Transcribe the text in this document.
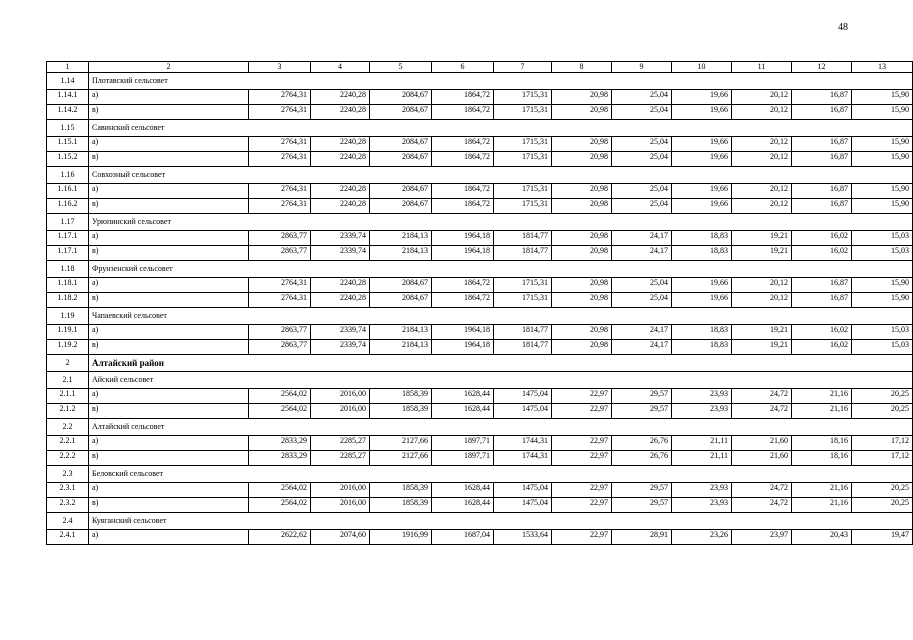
48
1	2	3	4	5	6	7	8	9	10	11	12	13
1.14	Плотавский сельсовет											
1.14.1	а)	2764,31	2240,28	2084,67	1864,72	1715,31	20,98	25,04	19,66	20,12	16,87	15,90
1.14.2	в)	2764,31	2240,28	2084,67	1864,72	1715,31	20,98	25,04	19,66	20,12	16,87	15,90
1.15	Савинский сельсовет											
1.15.1	а)	2764,31	2240,28	2084,67	1864,72	1715,31	20,98	25,04	19,66	20,12	16,87	15,90
1.15.2	в)	2764,31	2240,28	2084,67	1864,72	1715,31	20,98	25,04	19,66	20,12	16,87	15,90
1.16	Совхозный сельсовет											
1.16.1	а)	2764,31	2240,28	2084,67	1864,72	1715,31	20,98	25,04	19,66	20,12	16,87	15,90
1.16.2	в)	2764,31	2240,28	2084,67	1864,72	1715,31	20,98	25,04	19,66	20,12	16,87	15,90
1.17	Урюпинский сельсовет											
1.17.1	а)	2863,77	2339,74	2184,13	1964,18	1814,77	20,98	24,17	18,83	19,21	16,02	15,03
1.17.1	в)	2863,77	2339,74	2184,13	1964,18	1814,77	20,98	24,17	18,83	19,21	16,02	15,03
1.18	Фрунзенский сельсовет											
1.18.1	а)	2764,31	2240,28	2084,67	1864,72	1715,31	20,98	25,04	19,66	20,12	16,87	15,90
1.18.2	в)	2764,31	2240,28	2084,67	1864,72	1715,31	20,98	25,04	19,66	20,12	16,87	15,90
1.19	Чапаевский сельсовет											
1.19.1	а)	2863,77	2339,74	2184,13	1964,18	1814,77	20,98	24,17	18,83	19,21	16,02	15,03
1.19.2	в)	2863,77	2339,74	2184,13	1964,18	1814,77	20,98	24,17	18,83	19,21	16,02	15,03
2	Алтайский район											
2.1	Айский сельсовет											
2.1.1	а)	2564,02	2016,00	1858,39	1628,44	1475,04	22,97	29,57	23,93	24,72	21,16	20,25
2.1.2	в)	2564,02	2016,00	1858,39	1628,44	1475,04	22,97	29,57	23,93	24,72	21,16	20,25
2.2	Алтайский сельсовет											
2.2.1	а)	2833,29	2285,27	2127,66	1897,71	1744,31	22,97	26,76	21,11	21,60	18,16	17,12
2.2.2	в)	2833,29	2285,27	2127,66	1897,71	1744,31	22,97	26,76	21,11	21,60	18,16	17,12
2.3	Беловский сельсовет											
2.3.1	а)	2564,02	2016,00	1858,39	1628,44	1475,04	22,97	29,57	23,93	24,72	21,16	20,25
2.3.2	в)	2564,02	2016,00	1858,39	1628,44	1475,04	22,97	29,57	23,93	24,72	21,16	20,25
2.4	Куяганский сельсовет											
2.4.1	а)	2622,62	2074,60	1916,99	1687,04	1533,64	22,97	28,91	23,26	23,97	20,43	19,47
